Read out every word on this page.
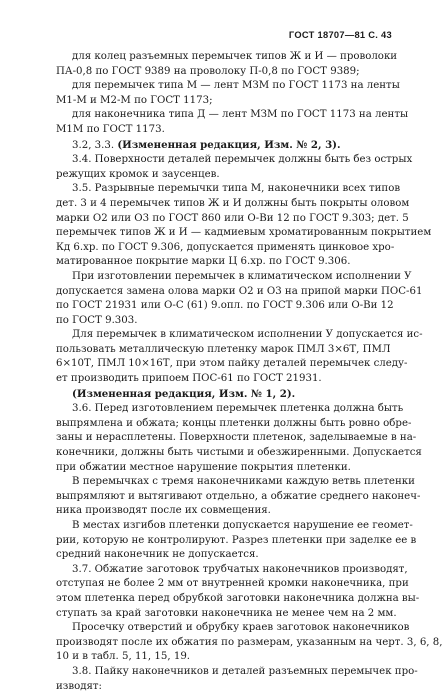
ГОСТ 18707—81 С. 43

для колец разъемных перемычек типов Ж и И — проволоки
ПА-0,8 по ГОСТ 9389 на проволоку П-0,8 по ГОСТ 9389;

для перемычек типа М — лент МЗМ по ГОСТ 1173 на ленты
М1-М и М2-М по ГОСТ 1173;

для наконечника типа Д — лент МЗМ по ГОСТ 1173 на ленты
М1М по ГОСТ 1173.

3.2, 3.3. (Измененная редакция, Изм. № 2, 3).

3.4. Поверхности деталей перемычек должны быть без острых
режущих кромок и заусенцев.

3.5. Разрывные перемычки типа М, наконечники всех типов
дет. 3 и 4 перемычек типов Ж и И должны быть покрыты оловом
марки О2 или О3 по ГОСТ 860 или О-Ви 12 по ГОСТ 9.303; дет. 5
перемычек типов Ж и И — кадмиевым хроматированным покрытием
Кд 6.хр. по ГОСТ 9.306, допускается применять цинковое хро-
матированное покрытие марки Ц 6.хр. по ГОСТ 9.306.

При изготовлении перемычек в климатическом исполнении У
допускается замена олова марки О2 и О3 на припой марки ПОС-61
по ГОСТ 21931 или О-С (61) 9.опл. по ГОСТ 9.306 или О-Ви 12
по ГОСТ 9.303.

Для перемычек в климатическом исполнении У допускается ис-
пользовать металлическую плетенку марок ПМЛ 3×6Т, ПМЛ
6×10Т, ПМЛ 10×16Т, при этом пайку деталей перемычек следу-
ет производить припоем ПОС-61 по ГОСТ 21931.

(Измененная редакция, Изм. № 1, 2).

3.6. Перед изготовлением перемычек плетенка должна быть
выпрямлена и обжата; концы плетенки должны быть ровно обре-
заны и нерасплетены. Поверхности плетенок, заделываемые в на-
конечники, должны быть чистыми и обезжиренными. Допускается
при обжатии местное нарушение покрытия плетенки.

В перемычках с тремя наконечниками каждую ветвь плетенки
выпрямляют и вытягивают отдельно, а обжатие среднего наконеч-
ника производят после их совмещения.

В местах изгибов плетенки допускается нарушение ее геомет-
рии, которую не контролируют. Разрез плетенки при заделке ее в
средний наконечник не допускается.

3.7. Обжатие заготовок трубчатых наконечников производят,
отступая не более 2 мм от внутренней кромки наконечника, при
этом плетенка перед обрубкой заготовки наконечника должна вы-
ступать за край заготовки наконечника не менее чем на 2 мм.

Просечку отверстий и обрубку краев заготовок наконечников
производят после их обжатия по размерам, указанным на черт. 3, 6, 8,
10 и в табл. 5, 11, 15, 19.

3.8. Пайку наконечников и деталей разъемных перемычек про-
изводят:
